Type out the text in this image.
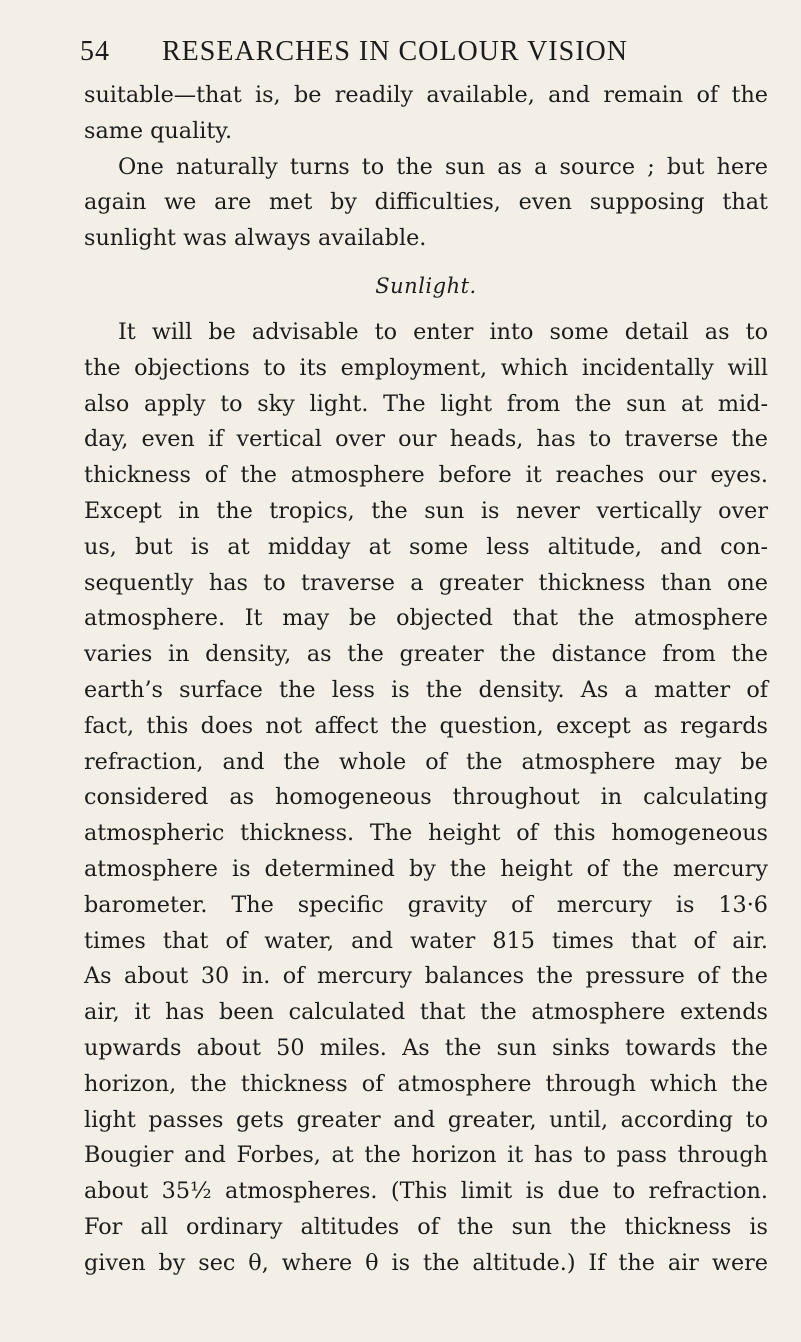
54 RESEARCHES IN COLOUR VISION
suitable—that is, be readily available, and remain of the
same quality.
One naturally turns to the sun as a source ; but here
again we are met by difficulties, even supposing that
sunlight was always available.
Sunlight.
It will be advisable to enter into some detail as to
the objections to its employment, which incidentally will
also apply to sky light. The light from the sun at mid-
day, even if vertical over our heads, has to traverse the
thickness of the atmosphere before it reaches our eyes.
Except in the tropics, the sun is never vertically over
us, but is at midday at some less altitude, and con-
sequently has to traverse a greater thickness than one
atmosphere. It may be objected that the atmosphere
varies in density, as the greater the distance from the
earth’s surface the less is the density. As a matter of
fact, this does not affect the question, except as regards
refraction, and the whole of the atmosphere may be
considered as homogeneous throughout in calculating
atmospheric thickness. The height of this homogeneous
atmosphere is determined by the height of the mercury
barometer. The specific gravity of mercury is 13·6
times that of water, and water 815 times that of air.
As about 30 in. of mercury balances the pressure of the
air, it has been calculated that the atmosphere extends
upwards about 50 miles. As the sun sinks towards the
horizon, the thickness of atmosphere through which the
light passes gets greater and greater, until, according to
Bougier and Forbes, at the horizon it has to pass through
about 35½ atmospheres. (This limit is due to refraction.
For all ordinary altitudes of the sun the thickness is
given by sec θ, where θ is the altitude.) If the air were
